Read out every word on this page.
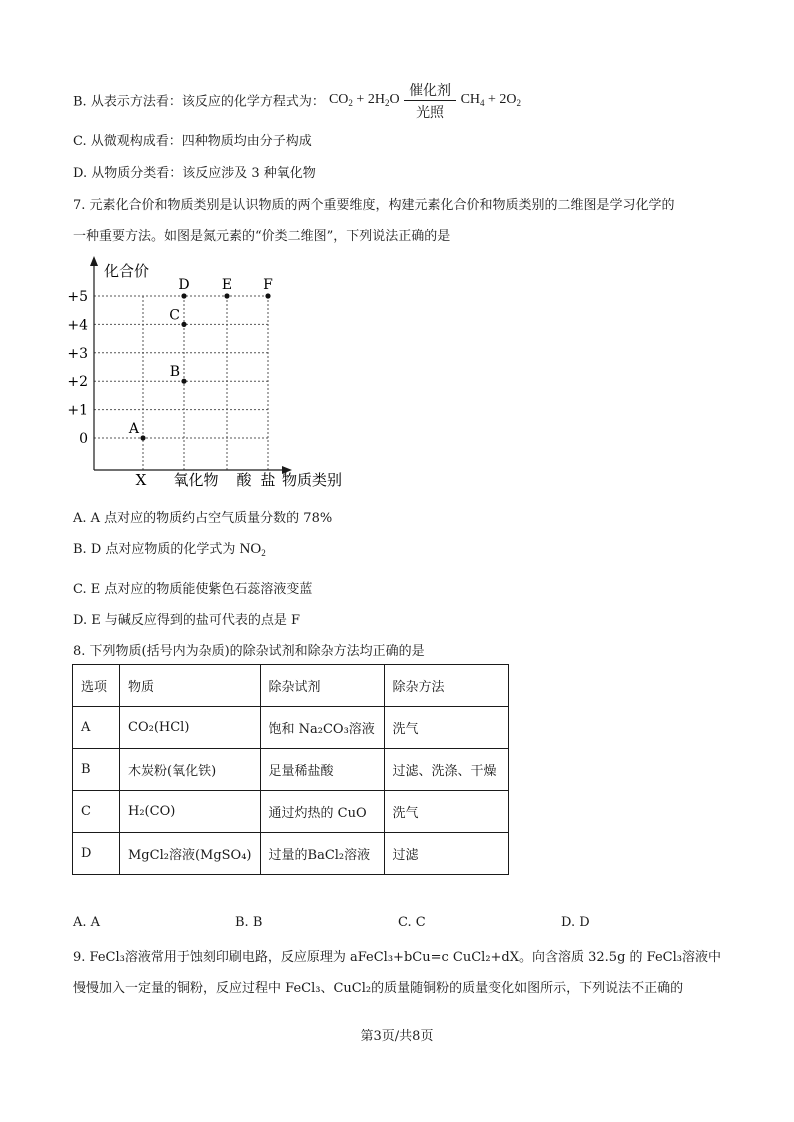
B. 从表示方法看：该反应的化学方程式为： $CO_2 + 2H_2O \frac{\text{催化剂}}{\text{光照}} CH_4 + 2O_2$
C. 从微观构成看：四种物质均由分子构成
D. 从物质分类看：该反应涉及 3 种氧化物
7. 元素化合价和物质类别是认识物质的两个重要维度，构建元素化合价和物质类别的二维图是学习化学的
一种重要方法。如图是氮元素的“价类二维图”，下列说法正确的是
化合价
物质类别
+5
+4
+3
+2
+1
0
X 氧化物 酸 盐
A
B
C
D E F
A. A 点对应的物质约占空气质量分数的 78%
B. D 点对应物质的化学式为 $NO_2$
C. E 点对应的物质能使紫色石蕊溶液变蓝
D. E 与碱反应得到的盐可代表的点是 F
8. 下列物质(括号内为杂质)的除杂试剂和除杂方法均正确的是
选项	物质	除杂试剂	除杂方法
A	CO₂(HCl)	饱和 Na₂CO₃溶液	洗气
B	木炭粉(氧化铁)	足量稀盐酸	过滤、洗涤、干燥
C	H₂(CO)	通过灼热的 CuO	洗气
D	MgCl₂溶液(MgSO₄)	过量的BaCl₂溶液	过滤
A. A	B. B	C. C	D. D
9. FeCl₃溶液常用于蚀刻印刷电路，反应原理为 aFeCl₃+bCu=c CuCl₂+dX。向含溶质 32.5g 的 FeCl₃溶液中
慢慢加入一定量的铜粉，反应过程中 FeCl₃、CuCl₂的质量随铜粉的质量变化如图所示，下列说法不正确的
第3页/共8页
